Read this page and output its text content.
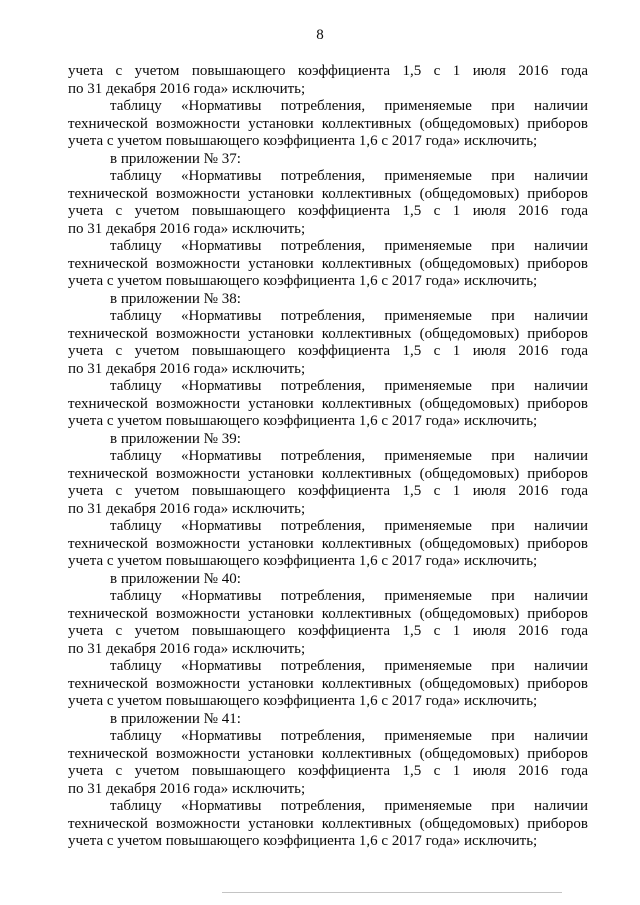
8
учета с учетом повышающего коэффициента 1,5 с 1 июля 2016 года
по 31 декабря 2016 года» исключить;
таблицу «Нормативы потребления, применяемые при наличии
технической возможности установки коллективных (общедомовых) приборов
учета с учетом повышающего коэффициента 1,6 с 2017 года» исключить;
в приложении № 37:
таблицу «Нормативы потребления, применяемые при наличии
технической возможности установки коллективных (общедомовых) приборов
учета с учетом повышающего коэффициента 1,5 с 1 июля 2016 года
по 31 декабря 2016 года» исключить;
таблицу «Нормативы потребления, применяемые при наличии
технической возможности установки коллективных (общедомовых) приборов
учета с учетом повышающего коэффициента 1,6 с 2017 года» исключить;
в приложении № 38:
таблицу «Нормативы потребления, применяемые при наличии
технической возможности установки коллективных (общедомовых) приборов
учета с учетом повышающего коэффициента 1,5 с 1 июля 2016 года
по 31 декабря 2016 года» исключить;
таблицу «Нормативы потребления, применяемые при наличии
технической возможности установки коллективных (общедомовых) приборов
учета с учетом повышающего коэффициента 1,6 с 2017 года» исключить;
в приложении № 39:
таблицу «Нормативы потребления, применяемые при наличии
технической возможности установки коллективных (общедомовых) приборов
учета с учетом повышающего коэффициента 1,5 с 1 июля 2016 года
по 31 декабря 2016 года» исключить;
таблицу «Нормативы потребления, применяемые при наличии
технической возможности установки коллективных (общедомовых) приборов
учета с учетом повышающего коэффициента 1,6 с 2017 года» исключить;
в приложении № 40:
таблицу «Нормативы потребления, применяемые при наличии
технической возможности установки коллективных (общедомовых) приборов
учета с учетом повышающего коэффициента 1,5 с 1 июля 2016 года
по 31 декабря 2016 года» исключить;
таблицу «Нормативы потребления, применяемые при наличии
технической возможности установки коллективных (общедомовых) приборов
учета с учетом повышающего коэффициента 1,6 с 2017 года» исключить;
в приложении № 41:
таблицу «Нормативы потребления, применяемые при наличии
технической возможности установки коллективных (общедомовых) приборов
учета с учетом повышающего коэффициента 1,5 с 1 июля 2016 года
по 31 декабря 2016 года» исключить;
таблицу «Нормативы потребления, применяемые при наличии
технической возможности установки коллективных (общедомовых) приборов
учета с учетом повышающего коэффициента 1,6 с 2017 года» исключить;
